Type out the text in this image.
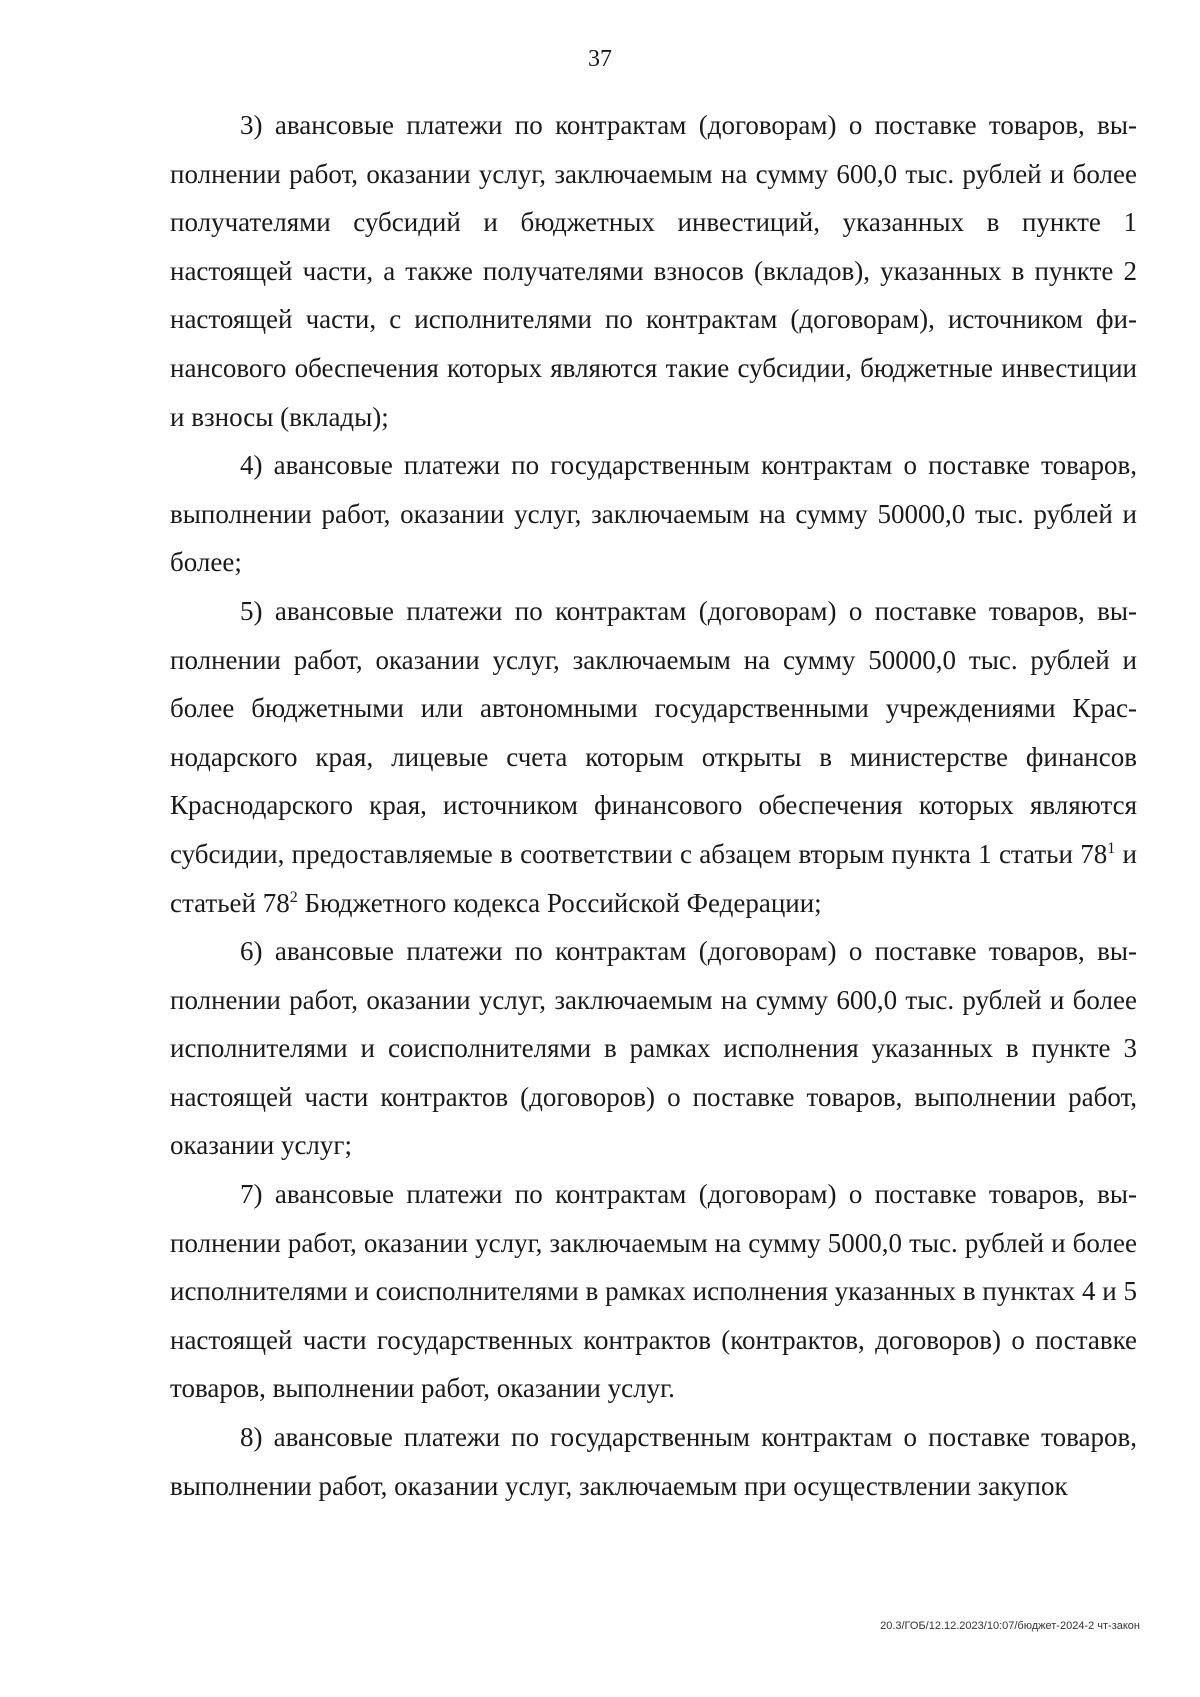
37

3) авансовые платежи по контрактам (договорам) о поставке товаров, выполнении работ, оказании услуг, заключаемым на сумму 600,0 тыс. рублей и более получателями субсидий и бюджетных инвестиций, указанных в пункте 1 настоящей части, а также получателями взносов (вкладов), указанных в пункте 2 настоящей части, с исполнителями по контрактам (договорам), источником финансового обеспечения которых являются такие субсидии, бюджетные инвестиции и взносы (вклады);

4) авансовые платежи по государственным контрактам о поставке товаров, выполнении работ, оказании услуг, заключаемым на сумму 50000,0 тыс. рублей и более;

5) авансовые платежи по контрактам (договорам) о поставке товаров, выполнении работ, оказании услуг, заключаемым на сумму 50000,0 тыс. рублей и более бюджетными или автономными государственными учреждениями Краснодарского края, лицевые счета которым открыты в министерстве финансов Краснодарского края, источником финансового обеспечения которых являются субсидии, предоставляемые в соответствии с абзацем вторым пункта 1 статьи $78^1$ и статьей $78^2$ Бюджетного кодекса Российской Федерации;

6) авансовые платежи по контрактам (договорам) о поставке товаров, выполнении работ, оказании услуг, заключаемым на сумму 600,0 тыс. рублей и более исполнителями и соисполнителями в рамках исполнения указанных в пункте 3 настоящей части контрактов (договоров) о поставке товаров, выполнении работ, оказании услуг;

7) авансовые платежи по контрактам (договорам) о поставке товаров, выполнении работ, оказании услуг, заключаемым на сумму 5000,0 тыс. рублей и более исполнителями и соисполнителями в рамках исполнения указанных в пунктах 4 и 5 настоящей части государственных контрактов (контрактов, договоров) о поставке товаров, выполнении работ, оказании услуг.

8) авансовые платежи по государственным контрактам о поставке товаров, выполнении работ, оказании услуг, заключаемым при осуществлении закупок

20.3/ГОБ/12.12.2023/10:07/бюджет-2024-2 чт-закон
